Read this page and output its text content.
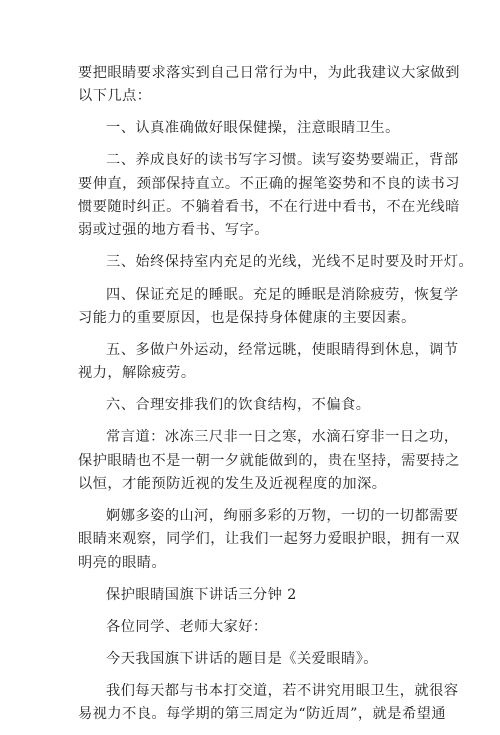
要把眼睛要求落实到自己日常行为中，为此我建议大家做到
以下几点：

一、认真准确做好眼保健操，注意眼睛卫生。

二、养成良好的读书写字习惯。读写姿势要端正，背部
要伸直，颈部保持直立。不正确的握笔姿势和不良的读书习
惯要随时纠正。不躺着看书，不在行进中看书，不在光线暗
弱或过强的地方看书、写字。

三、始终保持室内充足的光线，光线不足时要及时开灯。

四、保证充足的睡眠。充足的睡眠是消除疲劳，恢复学
习能力的重要原因，也是保持身体健康的主要因素。

五、多做户外运动，经常远眺，使眼睛得到休息，调节
视力，解除疲劳。

六、合理安排我们的饮食结构，不偏食。

常言道：冰冻三尺非一日之寒，水滴石穿非一日之功，
保护眼睛也不是一朝一夕就能做到的，贵在坚持，需要持之
以恒，才能预防近视的发生及近视程度的加深。

婀娜多姿的山河，绚丽多彩的万物，一切的一切都需要
眼睛来观察，同学们，让我们一起努力爱眼护眼，拥有一双
明亮的眼睛。

保护眼睛国旗下讲话三分钟 2

各位同学、老师大家好：

今天我国旗下讲话的题目是《关爱眼睛》。

我们每天都与书本打交道，若不讲究用眼卫生，就很容
易视力不良。每学期的第三周定为“防近周”，就是希望通
